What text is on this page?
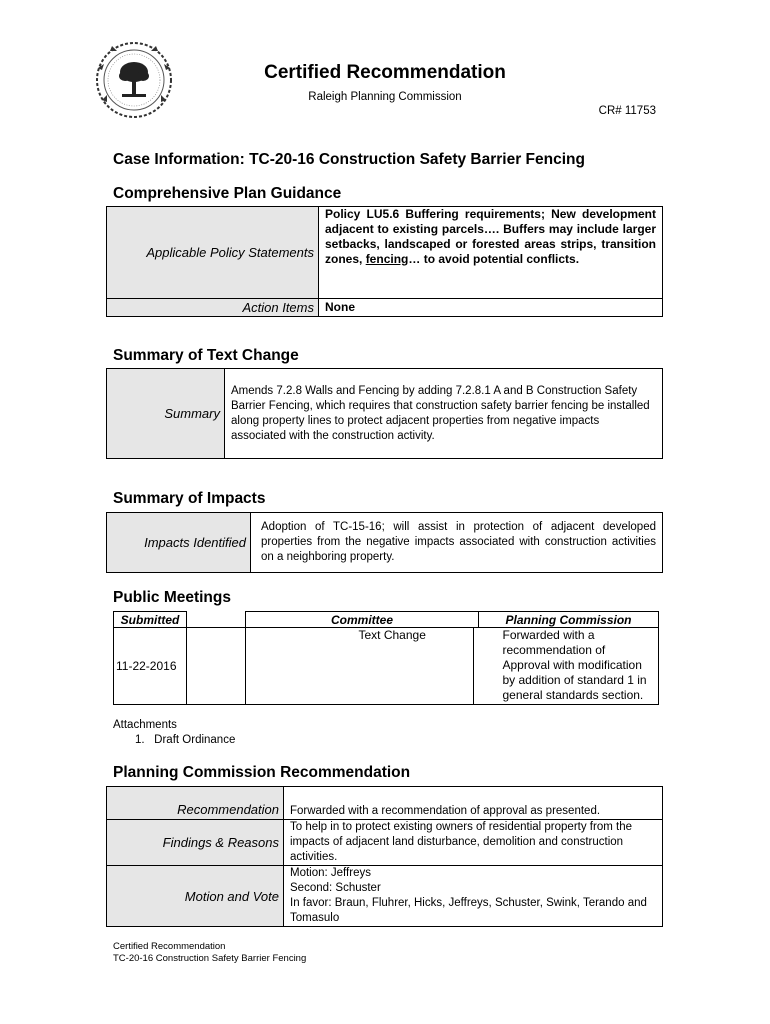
Certified Recommendation
Raleigh Planning Commission
CR# 11753
Case Information: TC-20-16 Construction Safety Barrier Fencing
Comprehensive Plan Guidance
Applicable Policy Statements	Policy LU5.6 Buffering requirements; New development adjacent to existing parcels…. Buffers may include larger setbacks, landscaped or forested areas strips, transition zones, fencing… to avoid potential conflicts.
Action Items	None
Summary of Text Change
Summary	Amends 7.2.8 Walls and Fencing by adding 7.2.8.1 A and B Construction Safety Barrier Fencing, which requires that construction safety barrier fencing be installed along property lines to protect adjacent properties from negative impacts associated with the construction activity.
Summary of Impacts
Impacts Identified	Adoption of TC-15-16; will assist in protection of adjacent developed properties from the negative impacts associated with construction activities on a neighboring property.
Public Meetings
Submitted		Committee	Planning Commission
11-22-2016		Text Change	Forwarded with a recommendation of Approval with modification by addition of standard 1 in general standards section.
Attachments
1.   Draft Ordinance
Planning Commission Recommendation
Recommendation	Forwarded with a recommendation of approval as presented.
Findings & Reasons	To help in to protect existing owners of residential property from the impacts of adjacent land disturbance, demolition and construction activities.
Motion and Vote	Motion: Jeffreys
Second: Schuster
In favor: Braun, Fluhrer, Hicks, Jeffreys, Schuster, Swink, Terando and Tomasulo
Certified Recommendation
TC-20-16 Construction Safety Barrier Fencing
